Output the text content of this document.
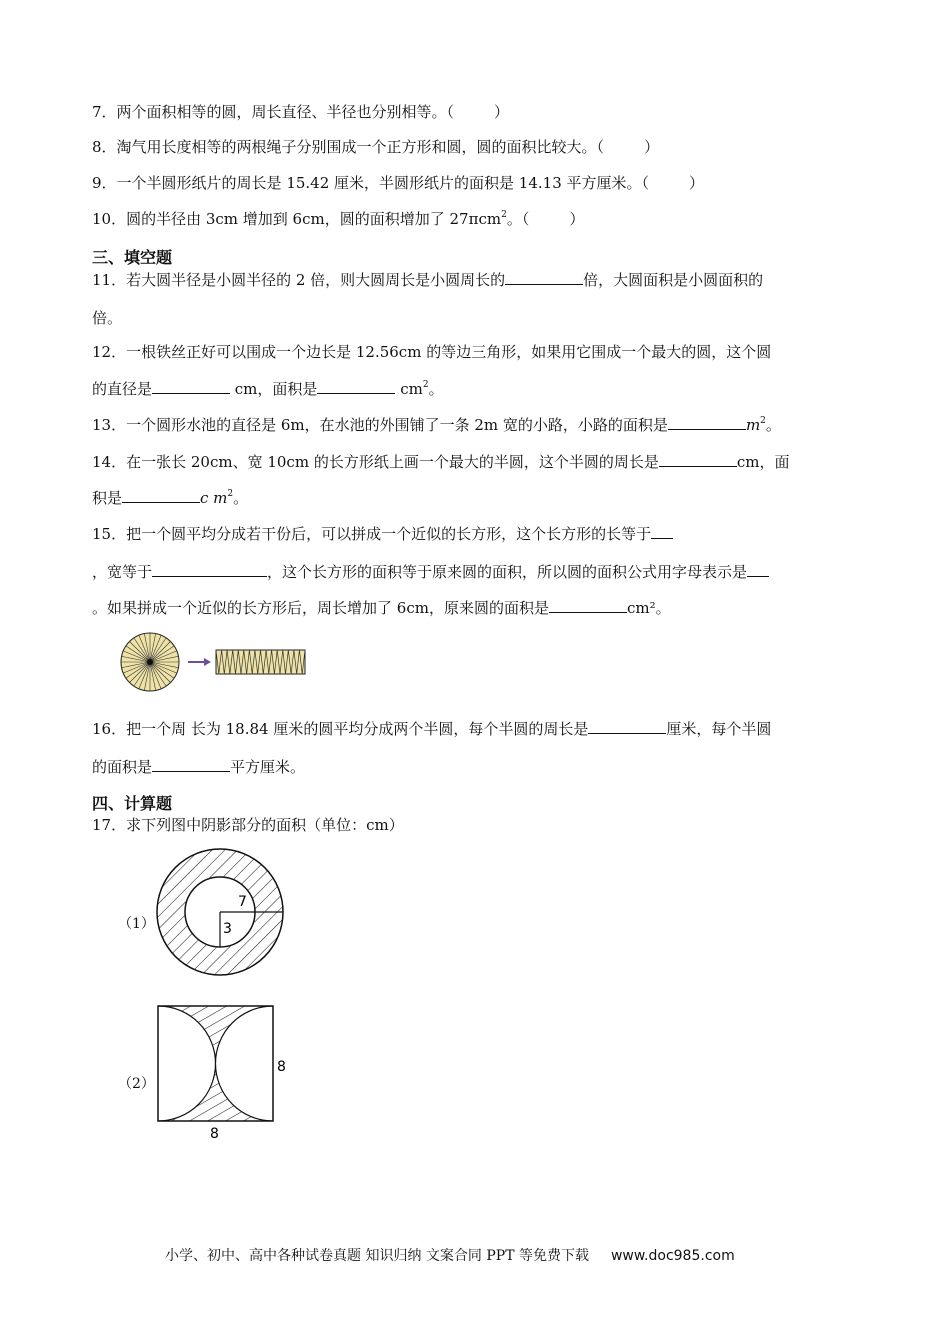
7．两个面积相等的圆，周长直径、半径也分别相等。（	）
8．淘气用长度相等的两根绳子分别围成一个正方形和圆，圆的面积比较大。（	）
9．一个半圆形纸片的周长是 15.42 厘米，半圆形纸片的面积是 14.13 平方厘米。（	）
10．圆的半径由 3cm 增加到 6cm，圆的面积增加了 27πcm$^2$。（	）
三、填空题
11．若大圆半径是小圆半径的 2 倍，则大圆周长是小圆周长的	倍，大圆面积是小圆面积的
倍。
12．一根铁丝正好可以围成一个边长是 12.56cm 的等边三角形，如果用它围成一个最大的圆，这个圆
的直径是	cm，面积是	$cm^2$。
13．一个圆形水池的直径是 6m，在水池的外围铺了一条 2m 宽的小路，小路的面积是	$m^2$。
14．在一张长 20cm、宽 10cm 的长方形纸上画一个最大的半圆，这个半圆的周长是	cm，面
积是	c $m^2$。
15．把一个圆平均分成若干份后，可以拼成一个近似的长方形，这个长方形的长等于
，宽等于	，这个长方形的面积等于原来圆的面积，所以圆的面积公式用字母表示是
。如果拼成一个近似的长方形后，周长增加了 6cm，原来圆的面积是	cm²。
16．把一个周 长为 18.84 厘米的圆平均分成两个半圆，每个半圆的周长是	厘米，每个半圆
的面积是	平方厘米。
四、计算题
17．求下列图中阴影部分的面积（单位：cm）
（1）
7
3
（2）
8
8
小学、初中、高中各种试卷真题 知识归纳 文案合同 PPT 等免费下载 www.doc985.com
